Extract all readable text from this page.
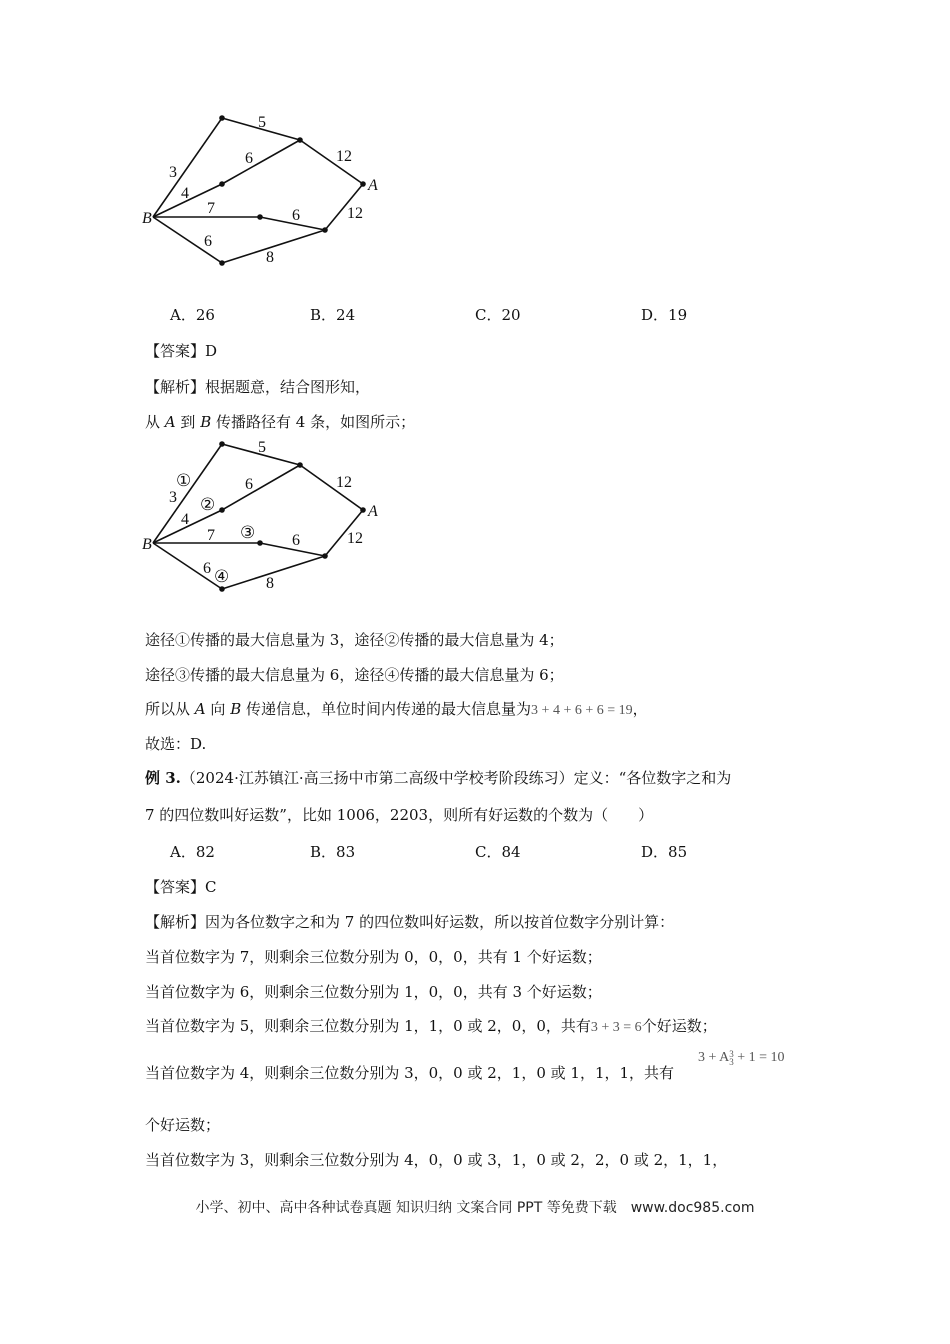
B
A
5
12
3
6
4
12
7	6
6
8
A．26	B．24	C．20	D．19
【答案】D
【解析】根据题意，结合图形知，
从 A 到 B 传播路径有 4 条，如图所示；
B
A
5
12
3
6
4
12
7	6
6
8
①
②
③
④
途径①传播的最大信息量为 3，途径②传播的最大信息量为 4；
途径③传播的最大信息量为 6，途径④传播的最大信息量为 6；
所以从 A 向 B 传递信息，单位时间内传递的最大信息量为3 + 4 + 6 + 6 = 19，
故选：D.
例 3.（2024·江苏镇江·高三扬中市第二高级中学校考阶段练习）定义：“各位数字之和为
7 的四位数叫好运数”，比如 1006，2203，则所有好运数的个数为（　　）
A．82	B．83	C．84	D．85
【答案】C
【解析】因为各位数字之和为 7 的四位数叫好运数，所以按首位数字分别计算：
当首位数字为 7，则剩余三位数分别为 0，0，0，共有 1 个好运数；
当首位数字为 6，则剩余三位数分别为 1，0，0，共有 3 个好运数；
当首位数字为 5，则剩余三位数分别为 1，1，0 或 2，0，0，共有3 + 3 = 6个好运数；
当首位数字为 4，则剩余三位数分别为 3，0，0 或 2，1，0 或 1，1，1，共有
3 + A 3
3 + 1 = 10
个好运数；
当首位数字为 3，则剩余三位数分别为 4，0，0 或 3，1，0 或 2，2，0 或 2，1，1，
小学、初中、高中各种试卷真题 知识归纳 文案合同 PPT 等免费下载　www.doc985.com
